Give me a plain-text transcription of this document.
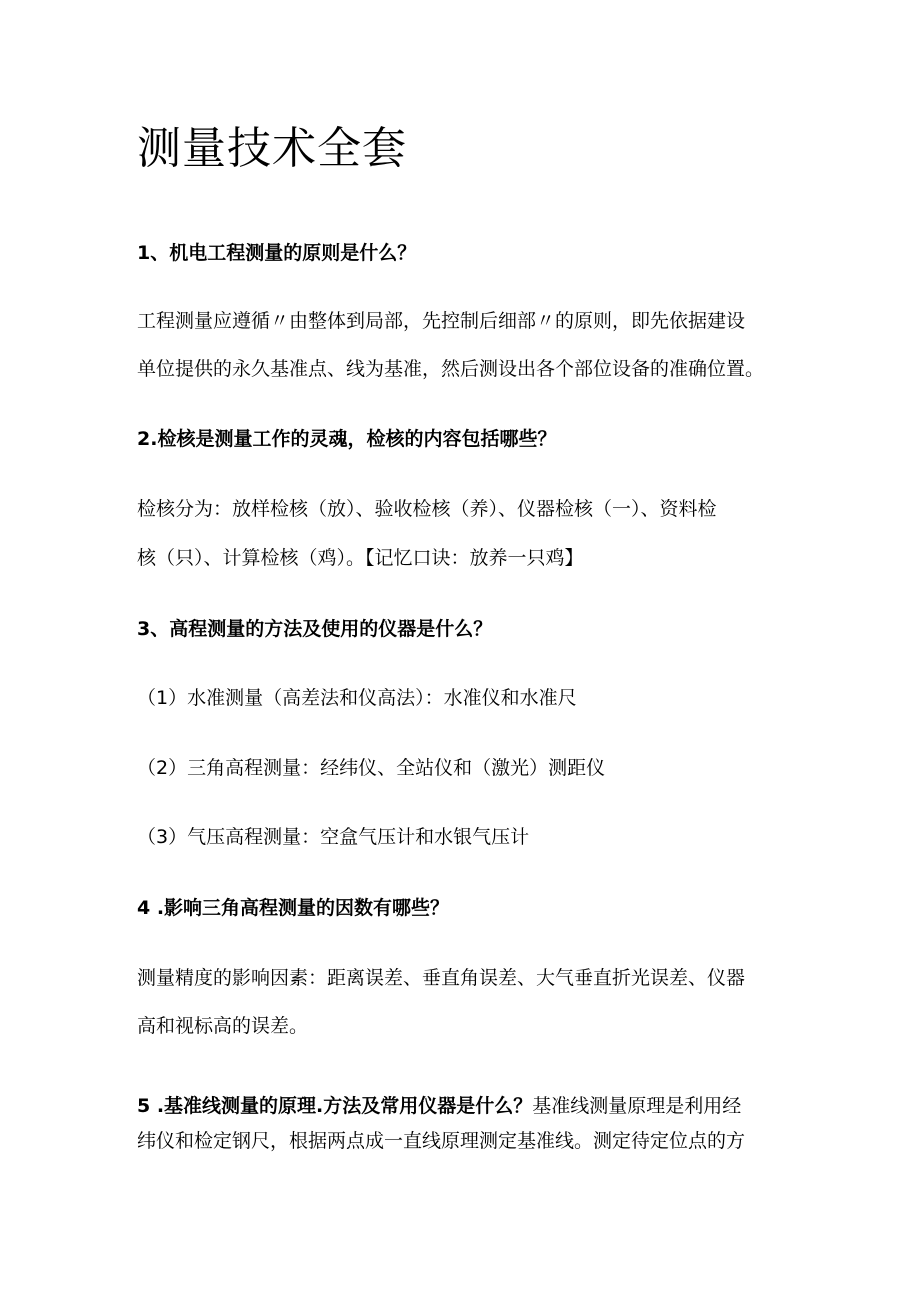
测量技术全套
1、机电工程测量的原则是什么？
工程测量应遵循〃由整体到局部，先控制后细部〃的原则，即先依据建设
单位提供的永久基准点、线为基准，然后测设出各个部位设备的准确位置。
2.检核是测量工作的灵魂，检核的内容包括哪些？
检核分为：放样检核（放）、验收检核（养）、仪器检核（一）、资料检
核（只）、计算检核（鸡）。【记忆口诀：放养一只鸡】
3、高程测量的方法及使用的仪器是什么？
（1）水准测量（高差法和仪高法）：水准仪和水准尺
（2）三角高程测量：经纬仪、全站仪和（激光）测距仪
（3）气压高程测量：空盒气压计和水银气压计
4 .影响三角高程测量的因数有哪些？
测量精度的影响因素：距离误差、垂直角误差、大气垂直折光误差、仪器
高和视标高的误差。
5 .基准线测量的原理.方法及常用仪器是什么？基准线测量原理是利用经
纬仪和检定钢尺，根据两点成一直线原理测定基准线。测定待定位点的方
